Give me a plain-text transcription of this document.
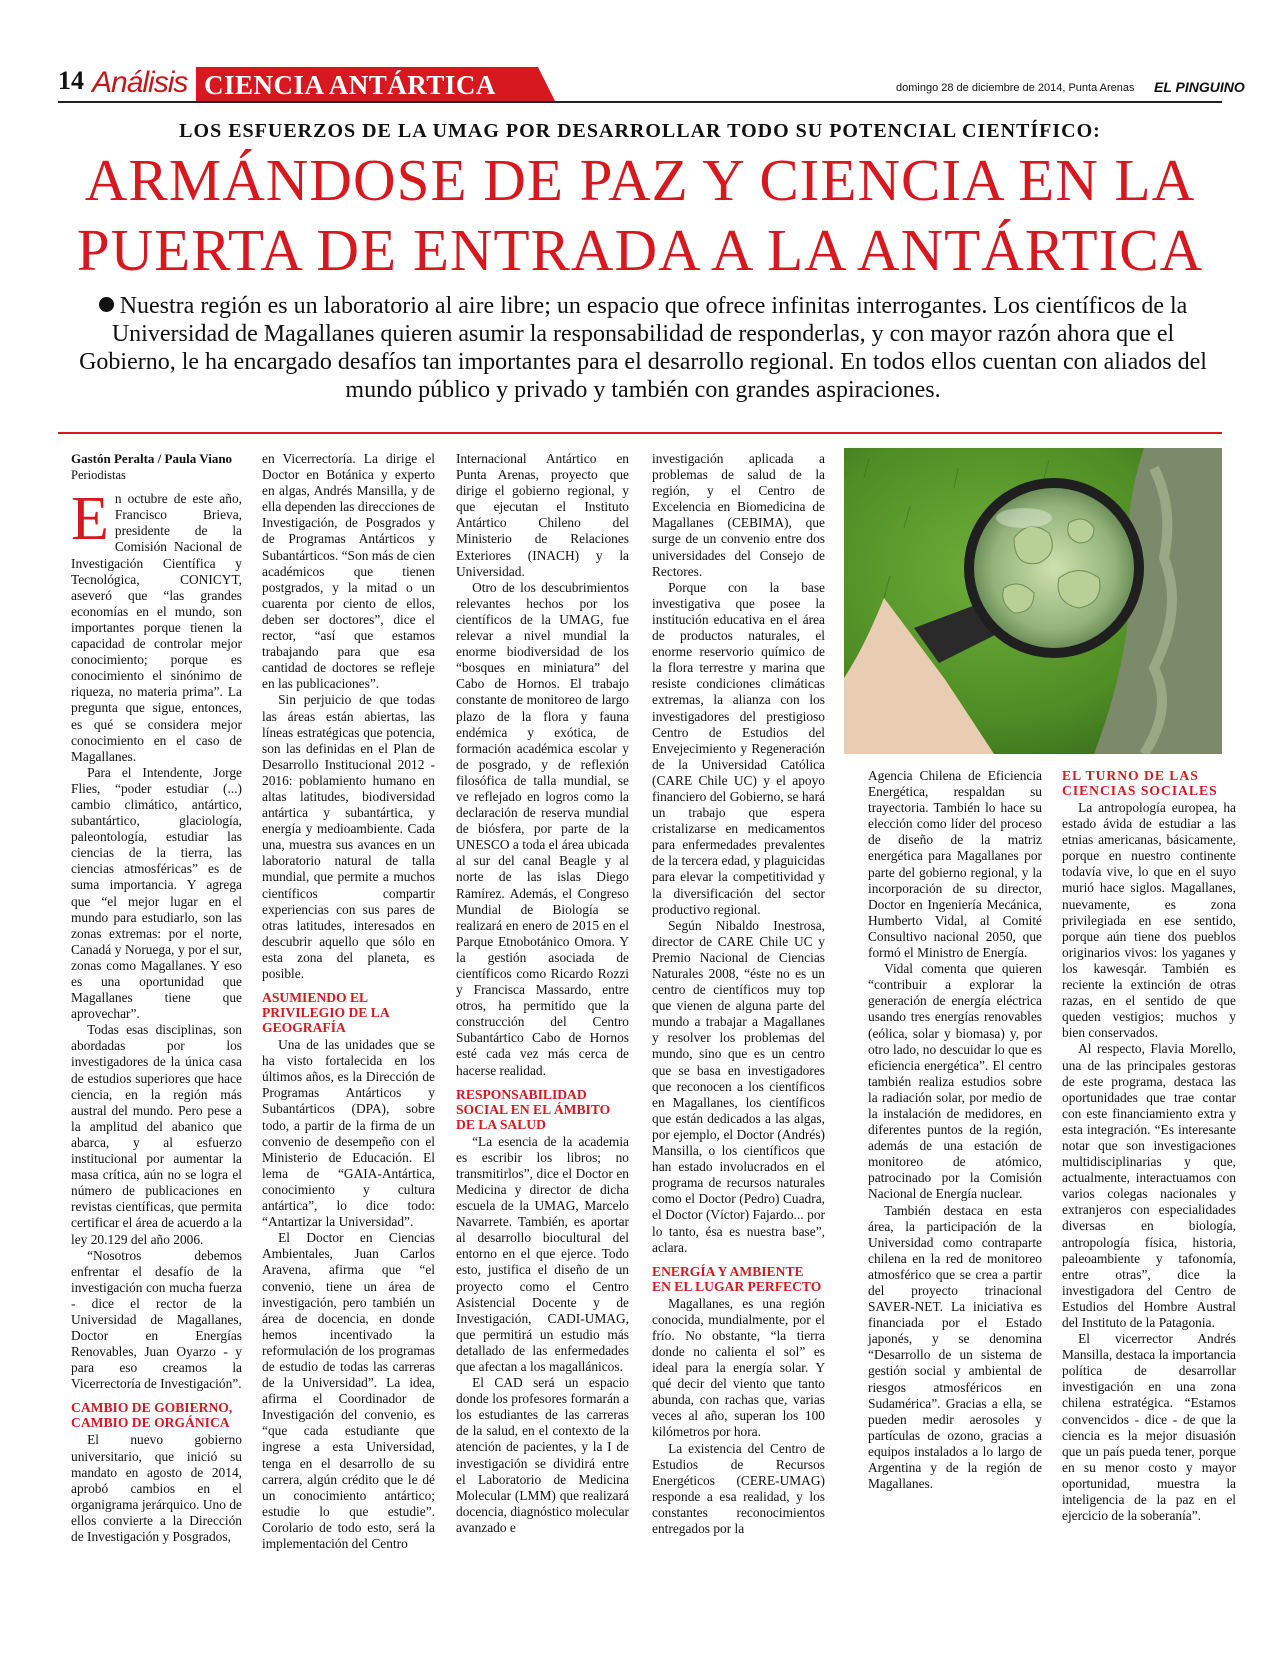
14 Análisis CIENCIA ANTÁRTICA	domingo 28 de diciembre de 2014, Punta Arenas EL PINGUINO
LOS ESFUERZOS DE LA UMAG POR DESARROLLAR TODO SU POTENCIAL CIENTÍFICO:
ARMÁNDOSE DE PAZ Y CIENCIA EN LA
PUERTA DE ENTRADA A LA ANTÁRTICA
Nuestra región es un laboratorio al aire libre; un espacio que ofrece infinitas interrogantes. Los científicos de la Universidad de Magallanes quieren asumir la responsabilidad de responderlas, y con mayor razón ahora que el Gobierno, le ha encargado desafíos tan importantes para el desarrollo regional. En todos ellos cuentan con aliados del mundo público y privado y también con grandes aspiraciones.

Gastón Peralta / Paula Viano

Periodistas

En octubre de este año, Francisco Brieva, presidente de la Comisión Nacional de Investigación Científica y Tecnológica, CONICYT, aseveró que “las grandes economías en el mundo, son importantes porque tienen la capacidad de controlar mejor conocimiento; porque es conocimiento el sinónimo de riqueza, no materia prima”. La pregunta que sigue, entonces, es qué se considera mejor conocimiento en el caso de Magallanes.

Para el Intendente, Jorge Flies, “poder estudiar (...) cambio climático, antártico, subantártico, glaciología, paleontología, estudiar las ciencias de la tierra, las ciencias atmosféricas” es de suma importancia. Y agrega que “el mejor lugar en el mundo para estudiarlo, son las zonas extremas: por el norte, Canadá y Noruega, y por el sur, zonas como Magallanes. Y eso es una oportunidad que Magallanes tiene que aprovechar”.

Todas esas disciplinas, son abordadas por los investigadores de la única casa de estudios superiores que hace ciencia, en la región más austral del mundo. Pero pese a la amplitud del abanico que abarca, y al esfuerzo institucional por aumentar la masa crítica, aún no se logra el número de publicaciones en revistas científicas, que permita certificar el área de acuerdo a la ley 20.129 del año 2006.

“Nosotros debemos enfrentar el desafío de la investigación con mucha fuerza - dice el rector de la Universidad de Magallanes, Doctor en Energías Renovables, Juan Oyarzo - y para eso creamos la Vicerrectoría de Investigación”.

CAMBIO DE GOBIERNO, CAMBIO DE ORGÁNICA

El nuevo gobierno universitario, que inició su mandato en agosto de 2014, aprobó cambios en el organigrama jerárquico. Uno de ellos convierte a la Dirección de Investigación y Posgrados,

en Vicerrectoría. La dirige el Doctor en Botánica y experto en algas, Andrés Mansilla, y de ella dependen las direcciones de Investigación, de Posgrados y de Programas Antárticos y Subantárticos. “Son más de cien académicos que tienen postgrados, y la mitad o un cuarenta por ciento de ellos, deben ser doctores”, dice el rector, “así que estamos trabajando para que esa cantidad de doctores se refleje en las publicaciones”.

Sin perjuicio de que todas las áreas están abiertas, las líneas estratégicas que potencia, son las definidas en el Plan de Desarrollo Institucional 2012 - 2016: poblamiento humano en altas latitudes, biodiversidad antártica y subantártica, y energía y medioambiente. Cada una, muestra sus avances en un laboratorio natural de talla mundial, que permite a muchos científicos compartir experiencias con sus pares de otras latitudes, interesados en descubrir aquello que sólo en esta zona del planeta, es posible.

ASUMIENDO EL PRIVILEGIO DE LA GEOGRAFÍA

Una de las unidades que se ha visto fortalecida en los últimos años, es la Dirección de Programas Antárticos y Subantárticos (DPA), sobre todo, a partir de la firma de un convenio de desempeño con el Ministerio de Educación. El lema de “GAIA-Antártica, conocimiento y cultura antártica”, lo dice todo: “Antartizar la Universidad”.

El Doctor en Ciencias Ambientales, Juan Carlos Aravena, afirma que “el convenio, tiene un área de investigación, pero también un área de docencia, en donde hemos incentivado la reformulación de los programas de estudio de todas las carreras de la Universidad”. La idea, afirma el Coordinador de Investigación del convenio, es “que cada estudiante que ingrese a esta Universidad, tenga en el desarrollo de su carrera, algún crédito que le dé un conocimiento antártico; estudie lo que estudie”. Corolario de todo esto, será la implementación del Centro

Internacional Antártico en Punta Arenas, proyecto que dirige el gobierno regional, y que ejecutan el Instituto Antártico Chileno del Ministerio de Relaciones Exteriores (INACH) y la Universidad.

Otro de los descubrimientos relevantes hechos por los científicos de la UMAG, fue relevar a nivel mundial la enorme biodiversidad de los “bosques en miniatura” del Cabo de Hornos. El trabajo constante de monitoreo de largo plazo de la flora y fauna endémica y exótica, de formación académica escolar y de posgrado, y de reflexión filosófica de talla mundial, se ve reflejado en logros como la declaración de reserva mundial de biósfera, por parte de la UNESCO a toda el área ubicada al sur del canal Beagle y al norte de las islas Diego Ramírez. Además, el Congreso Mundial de Biología se realizará en enero de 2015 en el Parque Etnobotánico Omora. Y la gestión asociada de científicos como Ricardo Rozzi y Francisca Massardo, entre otros, ha permitido que la construcción del Centro Subantártico Cabo de Hornos esté cada vez más cerca de hacerse realidad.

RESPONSABILIDAD SOCIAL EN EL ÁMBITO DE LA SALUD

“La esencia de la academia es escribir los libros; no transmitirlos”, dice el Doctor en Medicina y director de dicha escuela de la UMAG, Marcelo Navarrete. También, es aportar al desarrollo biocultural del entorno en el que ejerce. Todo esto, justifica el diseño de un proyecto como el Centro Asistencial Docente y de Investigación, CADI-UMAG, que permitirá un estudio más detallado de las enfermedades que afectan a los magallánicos.

El CAD será un espacio donde los profesores formarán a los estudiantes de las carreras de la salud, en el contexto de la atención de pacientes, y la I de investigación se dividirá entre el Laboratorio de Medicina Molecular (LMM) que realizará docencia, diagnóstico molecular avanzado e

investigación aplicada a problemas de salud de la región, y el Centro de Excelencia en Biomedicina de Magallanes (CEBIMA), que surge de un convenio entre dos universidades del Consejo de Rectores.

Porque con la base investigativa que posee la institución educativa en el área de productos naturales, el enorme reservorio químico de la flora terrestre y marina que resiste condiciones climáticas extremas, la alianza con los investigadores del prestigioso Centro de Estudios del Envejecimiento y Regeneración de la Universidad Católica (CARE Chile UC) y el apoyo financiero del Gobierno, se hará un trabajo que espera cristalizarse en medicamentos para enfermedades prevalentes de la tercera edad, y plaguicidas para elevar la competitividad y la diversificación del sector productivo regional.

Según Nibaldo Inestrosa, director de CARE Chile UC y Premio Nacional de Ciencias Naturales 2008, “éste no es un centro de científicos muy top que vienen de alguna parte del mundo a trabajar a Magallanes y resolver los problemas del mundo, sino que es un centro que se basa en investigadores que reconocen a los científicos en Magallanes, los científicos que están dedicados a las algas, por ejemplo, el Doctor (Andrés) Mansilla, o los científicos que han estado involucrados en el programa de recursos naturales como el Doctor (Pedro) Cuadra, el Doctor (Víctor) Fajardo... por lo tanto, ésa es nuestra base”, aclara.

ENERGÍA Y AMBIENTE EN EL LUGAR PERFECTO

Magallanes, es una región conocida, mundialmente, por el frío. No obstante, “la tierra donde no calienta el sol” es ideal para la energía solar. Y qué decir del viento que tanto abunda, con rachas que, varias veces al año, superan los 100 kilómetros por hora.

La existencia del Centro de Estudios de Recursos Energéticos (CERE-UMAG) responde a esa realidad, y los constantes reconocimientos entregados por la

Agencia Chilena de Eficiencia Energética, respaldan su trayectoria. También lo hace su elección como líder del proceso de diseño de la matriz energética para Magallanes por parte del gobierno regional, y la incorporación de su director, Doctor en Ingeniería Mecánica, Humberto Vidal, al Comité Consultivo nacional 2050, que formó el Ministro de Energía.

Vidal comenta que quieren “contribuir a explorar la generación de energía eléctrica usando tres energías renovables (eólica, solar y biomasa) y, por otro lado, no descuidar lo que es eficiencia energética”. El centro también realiza estudios sobre la radiación solar, por medio de la instalación de medidores, en diferentes puntos de la región, además de una estación de monitoreo de atómico, patrocinado por la Comisión Nacional de Energía nuclear.

También destaca en esta área, la participación de la Universidad como contraparte chilena en la red de monitoreo atmosférico que se crea a partir del proyecto trinacional SAVER-NET. La iniciativa es financiada por el Estado japonés, y se denomina “Desarrollo de un sistema de gestión social y ambiental de riesgos atmosféricos en Sudamérica”. Gracias a ella, se pueden medir aerosoles y partículas de ozono, gracias a equipos instalados a lo largo de Argentina y de la región de Magallanes.

EL TURNO DE LAS CIENCIAS SOCIALES

La antropología europea, ha estado ávida de estudiar a las etnias americanas, básicamente, porque en nuestro continente todavía vive, lo que en el suyo murió hace siglos. Magallanes, nuevamente, es zona privilegiada en ese sentido, porque aún tiene dos pueblos originarios vivos: los yaganes y los kawesqár. También es reciente la extinción de otras razas, en el sentido de que queden vestigios; muchos y bien conservados.

Al respecto, Flavia Morello, una de las principales gestoras de este programa, destaca las oportunidades que trae contar con este financiamiento extra y esta integración. “Es interesante notar que son investigaciones multidisciplinarias y que, actualmente, interactuamos con varios colegas nacionales y extranjeros con especialidades diversas en biología, antropología física, historia, paleoambiente y tafonomía, entre otras”, dice la investigadora del Centro de Estudios del Hombre Austral del Instituto de la Patagonia.

El vicerrector Andrés Mansilla, destaca la importancia política de desarrollar investigación en una zona chilena estratégica. “Estamos convencidos - dice - de que la ciencia es la mejor disuasión que un país pueda tener, porque en su menor costo y mayor oportunidad, muestra la inteligencia de la paz en el ejercicio de la soberanía”.
